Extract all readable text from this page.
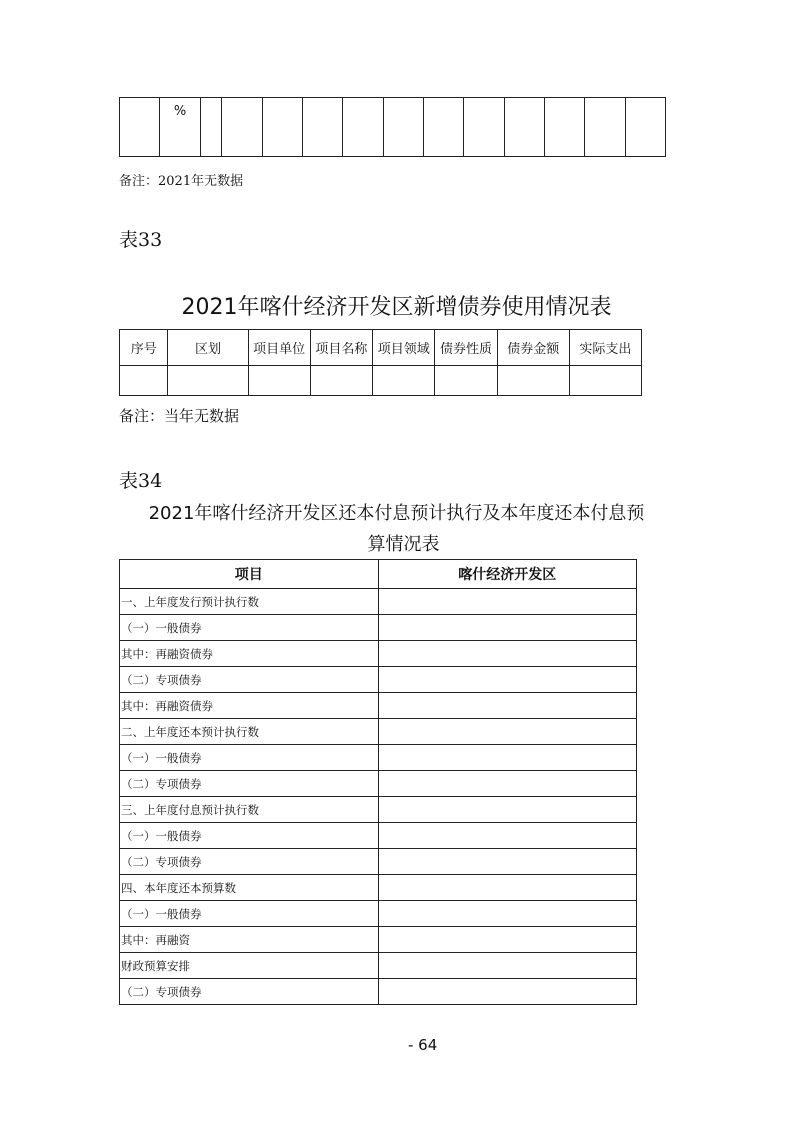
	%												
备注：2021年无数据
表33
2021年喀什经济开发区新增债券使用情况表
序号	区划	项目单位	项目名称	项目领域	债券性质	债券金额	实际支出

备注：当年无数据
表34
2021年喀什经济开发区还本付息预计执行及本年度还本付息预
算情况表
项目	喀什经济开发区
一、上年度发行预计执行数	
（一）一般债券	
其中：再融资债券	
（二）专项债券	
其中：再融资债券	
二、上年度还本预计执行数	
（一）一般债券	
（二）专项债券	
三、上年度付息预计执行数	
（一）一般债券	
（二）专项债券	
四、本年度还本预算数	
（一）一般债券	
其中：再融资	
财政预算安排	
（二）专项债券	
- 64
